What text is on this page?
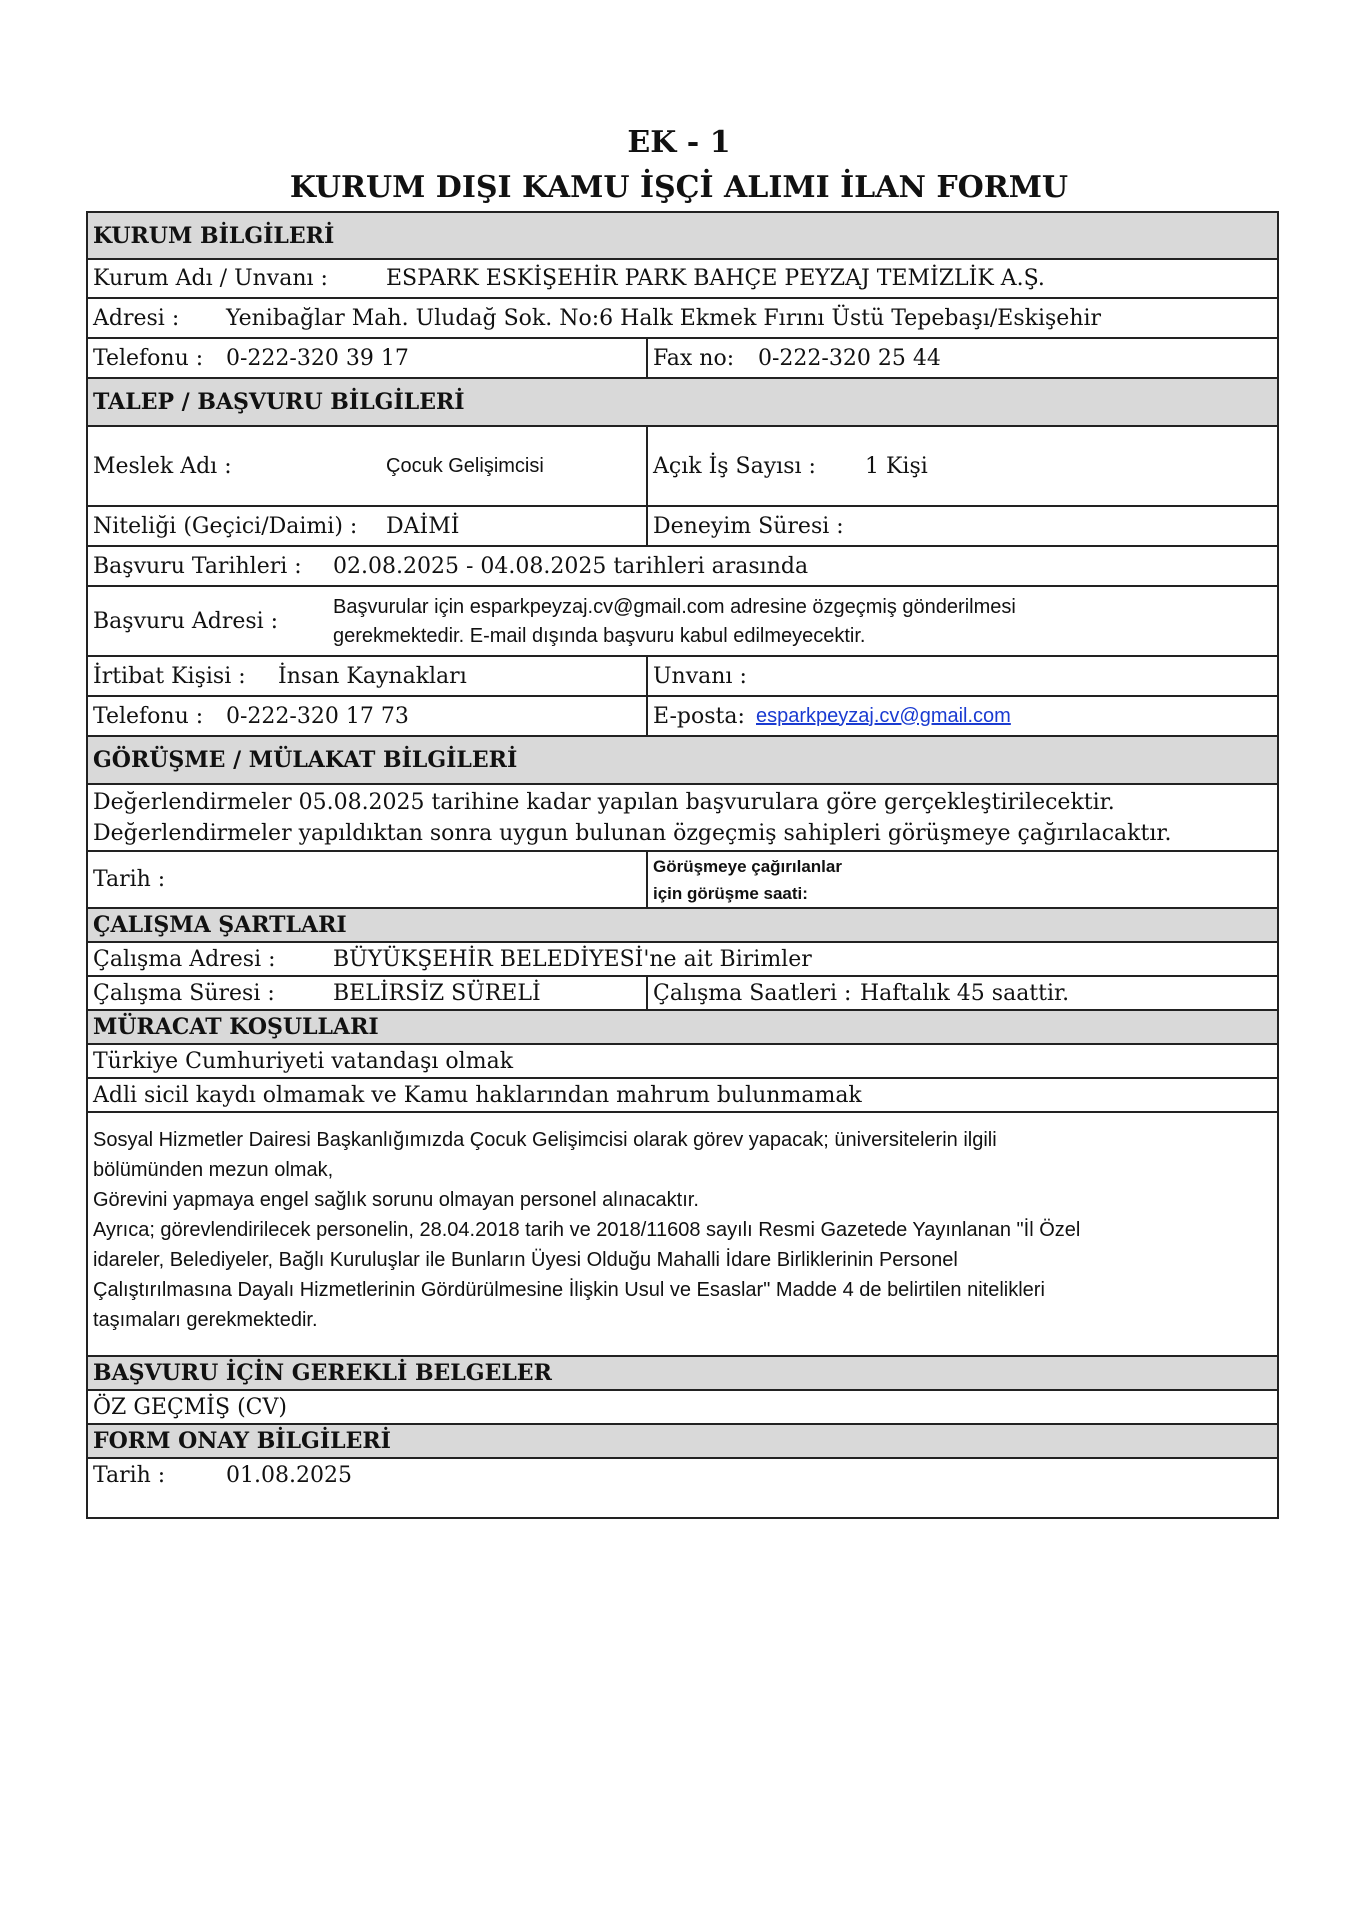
EK - 1
KURUM DIŞI KAMU İŞÇİ ALIMI İLAN FORMU
KURUM BİLGİLERİ
Kurum Adı / Unvanı :	ESPARK ESKİŞEHİR PARK BAHÇE PEYZAJ TEMİZLİK A.Ş.
Adresi : Yenibağlar Mah. Uludağ Sok. No:6 Halk Ekmek Fırını Üstü Tepebaşı/Eskişehir
Telefonu : 0-222-320 39 17	Fax no: 0-222-320 25 44
TALEP / BAŞVURU BİLGİLERİ
Meslek Adı :	Çocuk Gelişimcisi	Açık İş Sayısı : 1 Kişi
Niteliği (Geçici/Daimi) : DAİMİ	Deneyim Süresi :
Başvuru Tarihleri : 02.08.2025 - 04.08.2025 tarihleri arasında
Başvuru Adresi :
Başvurular için esparkpeyzaj.cv@gmail.com adresine özgeçmiş gönderilmesi
gerekmektedir. E-mail dışında başvuru kabul edilmeyecektir.
İrtibat Kişisi : İnsan Kaynakları	Unvanı :
Telefonu : 0-222-320 17 73	E-posta: esparkpeyzaj.cv@gmail.com
GÖRÜŞME / MÜLAKAT BİLGİLERİ
Değerlendirmeler 05.08.2025 tarihine kadar yapılan başvurulara göre gerçekleştirilecektir.
Değerlendirmeler yapıldıktan sonra uygun bulunan özgeçmiş sahipleri görüşmeye çağırılacaktır.
Tarih :
Görüşmeye çağırılanlar
için görüşme saati:
ÇALIŞMA ŞARTLARI
Çalışma Adresi :	BÜYÜKŞEHİR BELEDİYESİ'ne ait Birimler
Çalışma Süresi :	BELİRSİZ SÜRELİ	Çalışma Saatleri : Haftalık 45 saattir.
MÜRACAT KOŞULLARI
Türkiye Cumhuriyeti vatandaşı olmak
Adli sicil kaydı olmamak ve Kamu haklarından mahrum bulunmamak
Sosyal Hizmetler Dairesi Başkanlığımızda Çocuk Gelişimcisi olarak görev yapacak; üniversitelerin ilgili
bölümünden mezun olmak,
Görevini yapmaya engel sağlık sorunu olmayan personel alınacaktır.
Ayrıca; görevlendirilecek personelin, 28.04.2018 tarih ve 2018/11608 sayılı Resmi Gazetede Yayınlanan "İl Özel
idareler, Belediyeler, Bağlı Kuruluşlar ile Bunların Üyesi Olduğu Mahalli İdare Birliklerinin Personel
Çalıştırılmasına Dayalı Hizmetlerinin Gördürülmesine İlişkin Usul ve Esaslar" Madde 4 de belirtilen nitelikleri
taşımaları gerekmektedir.
BAŞVURU İÇİN GEREKLİ BELGELER
ÖZ GEÇMİŞ (CV)
FORM ONAY BİLGİLERİ
Tarih :	01.08.2025
